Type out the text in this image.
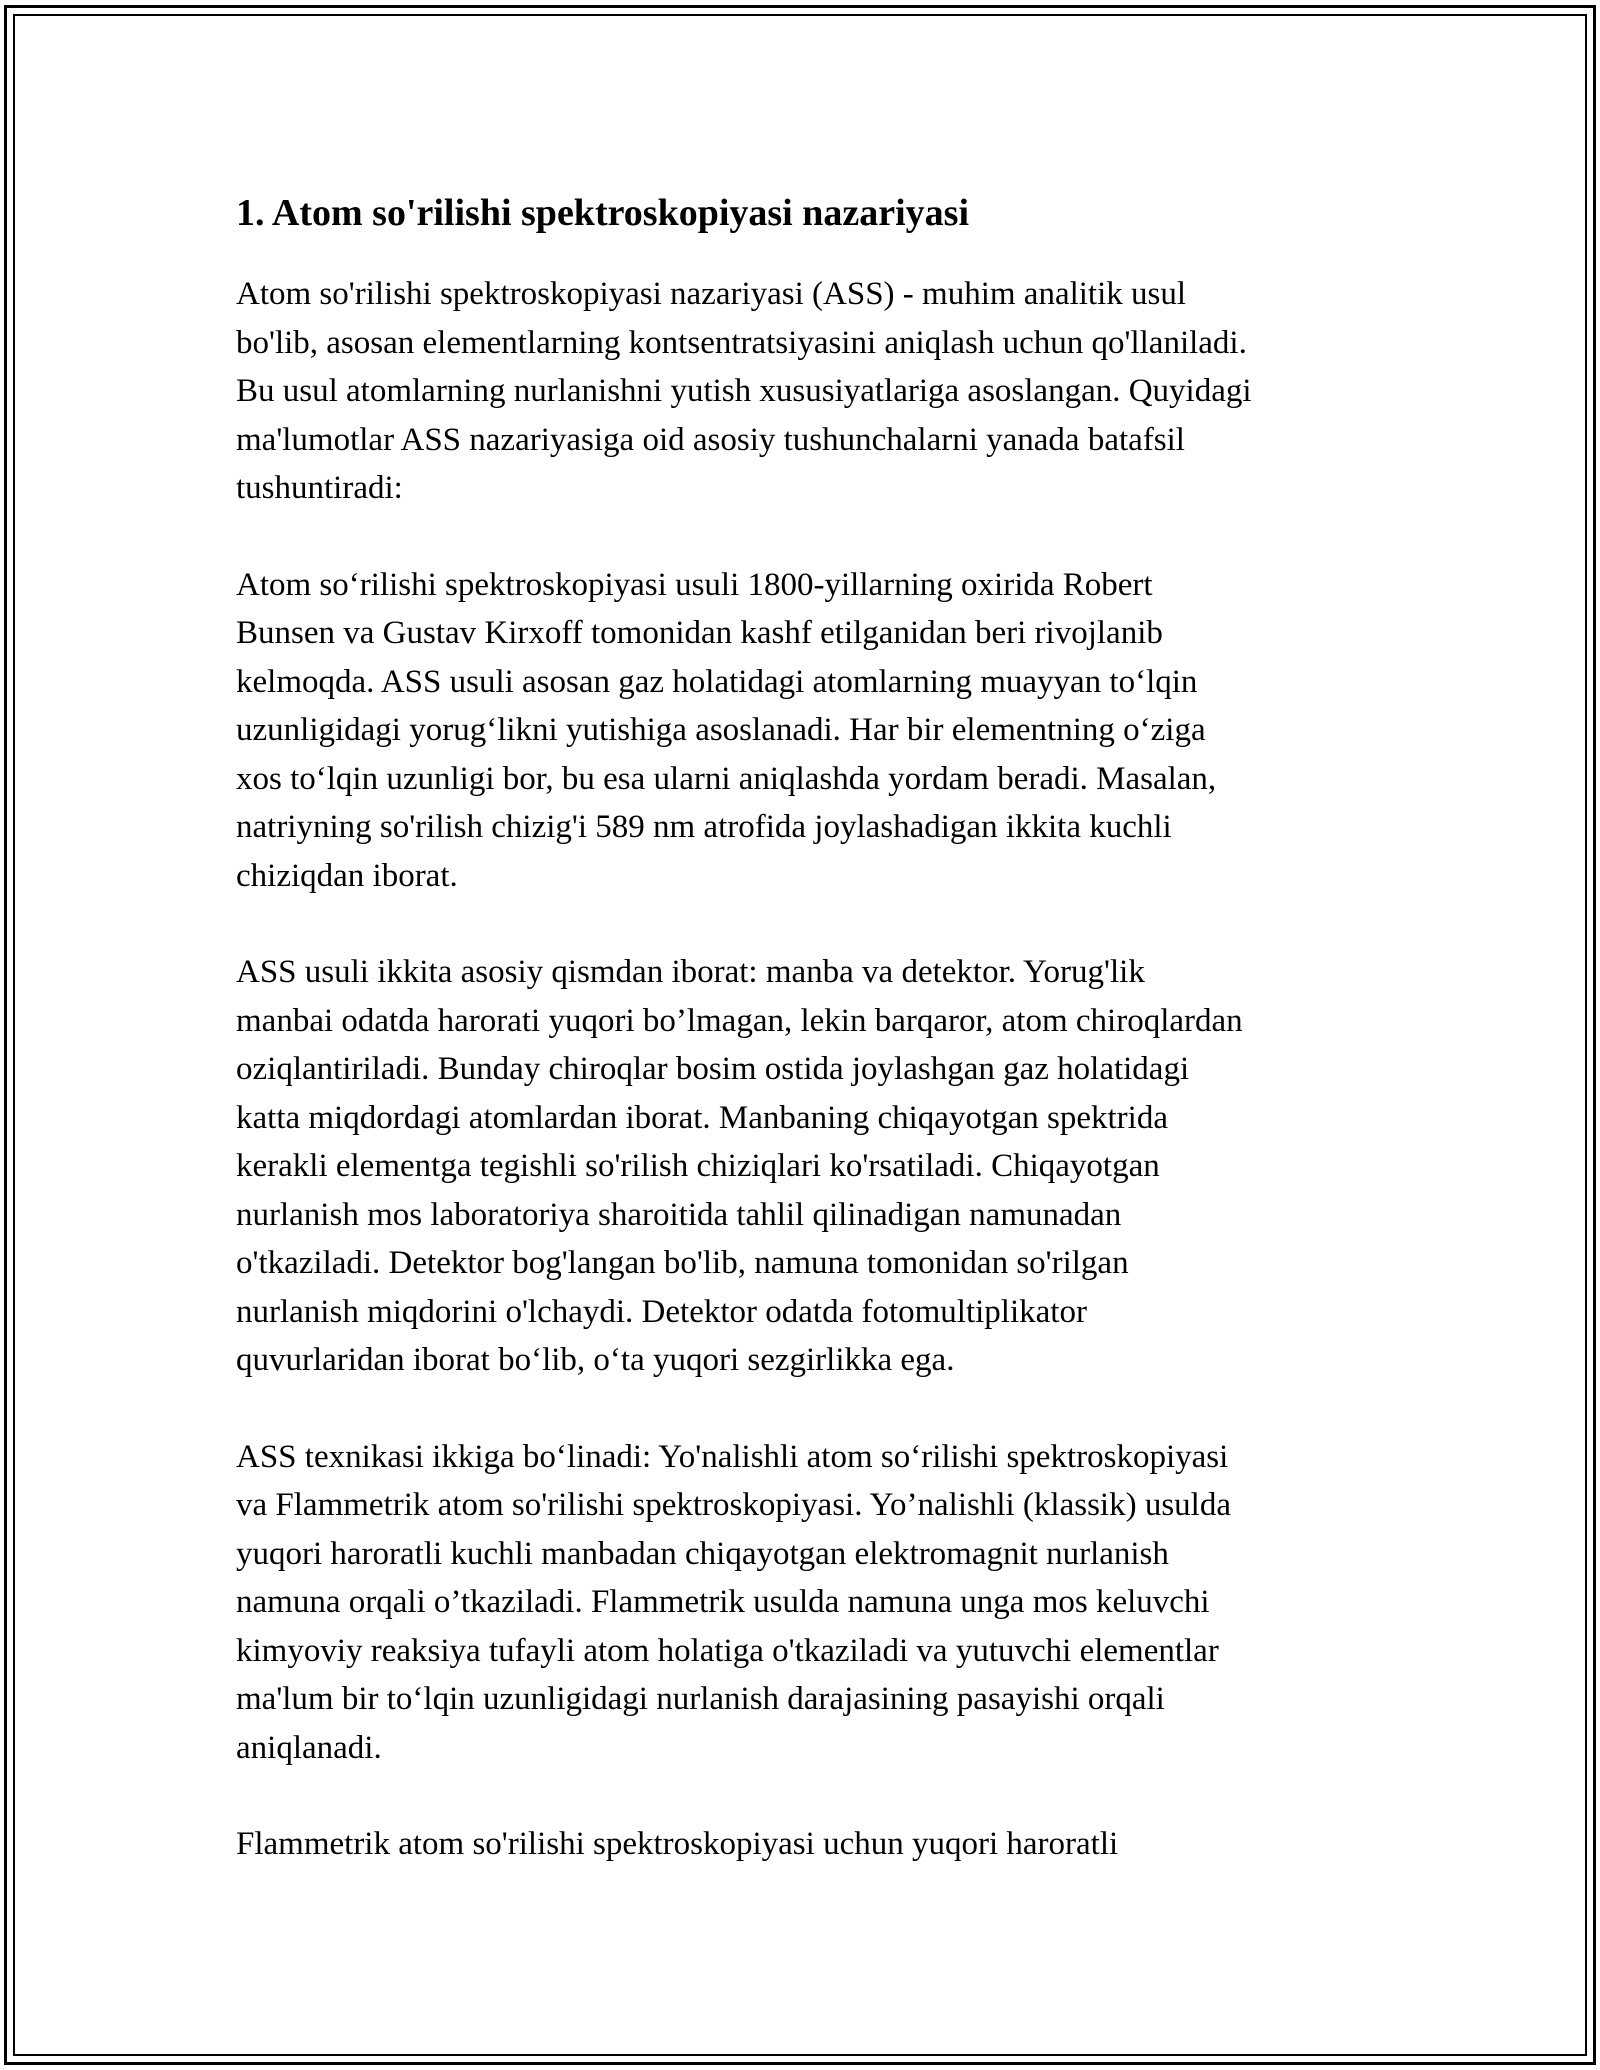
1. Atom so'rilishi spektroskopiyasi nazariyasi

Atom so'rilishi spektroskopiyasi nazariyasi (ASS) - muhim analitik usul
bo'lib, asosan elementlarning kontsentratsiyasini aniqlash uchun qo'llaniladi.
Bu usul atomlarning nurlanishni yutish xususiyatlariga asoslangan. Quyidagi
ma'lumotlar ASS nazariyasiga oid asosiy tushunchalarni yanada batafsil
tushuntiradi:

Atom so‘rilishi spektroskopiyasi usuli 1800-yillarning oxirida Robert
Bunsen va Gustav Kirxoff tomonidan kashf etilganidan beri rivojlanib
kelmoqda. ASS usuli asosan gaz holatidagi atomlarning muayyan to‘lqin
uzunligidagi yorug‘likni yutishiga asoslanadi. Har bir elementning o‘ziga
xos to‘lqin uzunligi bor, bu esa ularni aniqlashda yordam beradi. Masalan,
natriyning so'rilish chizig'i 589 nm atrofida joylashadigan ikkita kuchli
chiziqdan iborat.

ASS usuli ikkita asosiy qismdan iborat: manba va detektor. Yorug'lik
manbai odatda harorati yuqori bo’lmagan, lekin barqaror, atom chiroqlardan
oziqlantiriladi. Bunday chiroqlar bosim ostida joylashgan gaz holatidagi
katta miqdordagi atomlardan iborat. Manbaning chiqayotgan spektrida
kerakli elementga tegishli so'rilish chiziqlari ko'rsatiladi. Chiqayotgan
nurlanish mos laboratoriya sharoitida tahlil qilinadigan namunadan
o'tkaziladi. Detektor bog'langan bo'lib, namuna tomonidan so'rilgan
nurlanish miqdorini o'lchaydi. Detektor odatda fotomultiplikator
quvurlaridan iborat bo‘lib, o‘ta yuqori sezgirlikka ega.

ASS texnikasi ikkiga bo‘linadi: Yo'nalishli atom so‘rilishi spektroskopiyasi
va Flammetrik atom so'rilishi spektroskopiyasi. Yo’nalishli (klassik) usulda
yuqori haroratli kuchli manbadan chiqayotgan elektromagnit nurlanish
namuna orqali o’tkaziladi. Flammetrik usulda namuna unga mos keluvchi
kimyoviy reaksiya tufayli atom holatiga o'tkaziladi va yutuvchi elementlar
ma'lum bir to‘lqin uzunligidagi nurlanish darajasining pasayishi orqali
aniqlanadi.

Flammetrik atom so'rilishi spektroskopiyasi uchun yuqori haroratli
